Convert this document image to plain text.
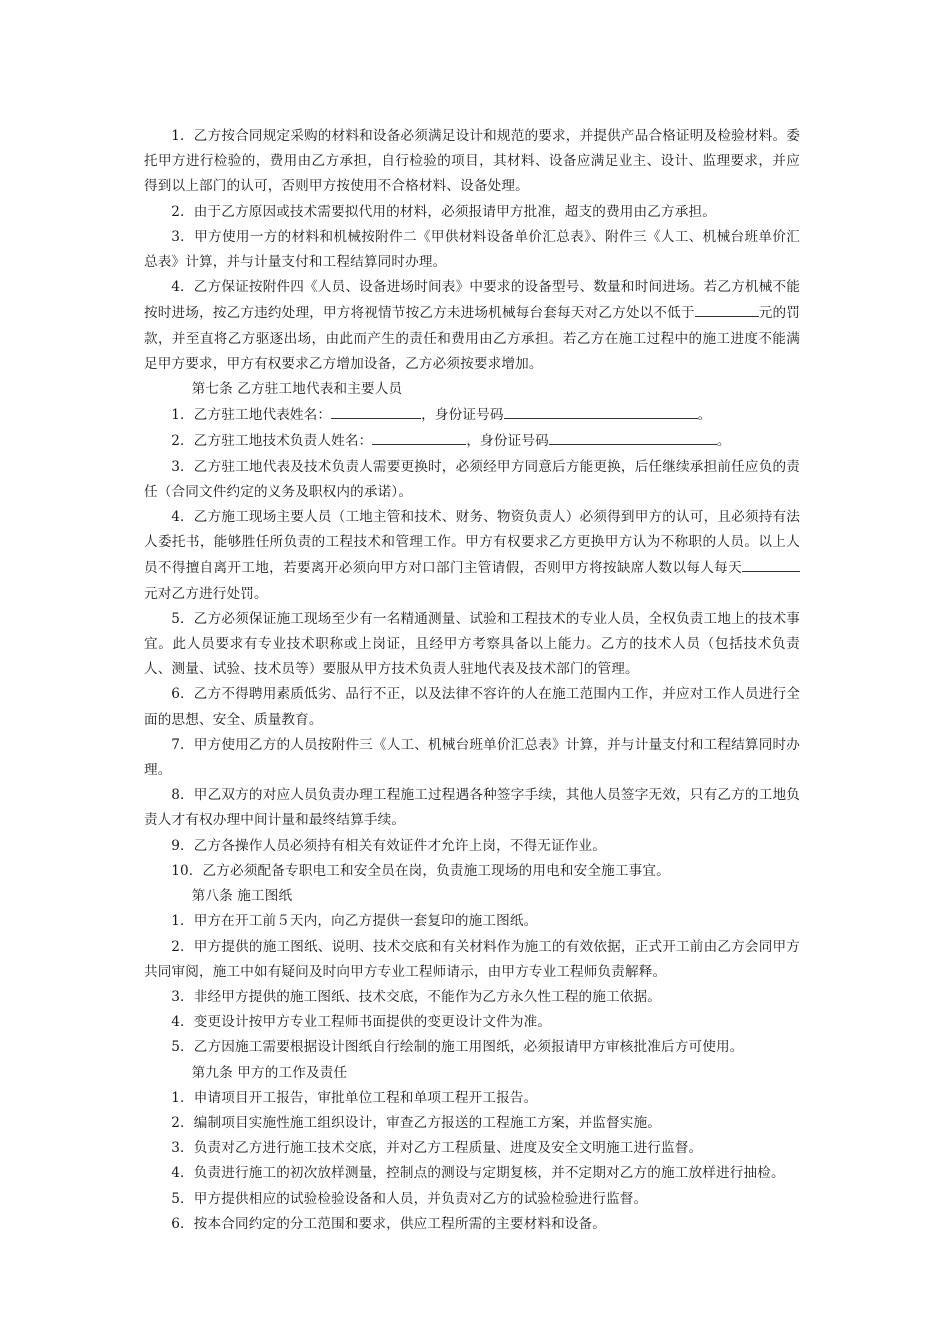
1．乙方按合同规定采购的材料和设备必须满足设计和规范的要求，并提供产品合格证明及检验材料。委托甲方进行检验的，费用由乙方承担，自行检验的项目，其材料、设备应满足业主、设计、监理要求，并应得到以上部门的认可，否则甲方按使用不合格材料、设备处理。

2．由于乙方原因或技术需要拟代用的材料，必须报请甲方批准，超支的费用由乙方承担。

3．甲方使用一方的材料和机械按附件二《甲供材料设备单价汇总表》、附件三《人工、机械台班单价汇总表》计算，并与计量支付和工程结算同时办理。

4．乙方保证按附件四《人员、设备进场时间表》中要求的设备型号、数量和时间进场。若乙方机械不能按时进场，按乙方违约处理，甲方将视情节按乙方未进场机械每台套每天对乙方处以不低于	元的罚款，并至直将乙方驱逐出场，由此而产生的责任和费用由乙方承担。若乙方在施工过程中的施工进度不能满足甲方要求，甲方有权要求乙方增加设备，乙方必须按要求增加。

第七条 乙方驻工地代表和主要人员

1．乙方驻工地代表姓名：	，身份证号码	。

2．乙方驻工地技术负责人姓名：	，身份证号码	。

3．乙方驻工地代表及技术负责人需要更换时，必须经甲方同意后方能更换，后任继续承担前任应负的责任（合同文件约定的义务及职权内的承诺）。

4．乙方施工现场主要人员（工地主管和技术、财务、物资负责人）必须得到甲方的认可，且必须持有法人委托书，能够胜任所负责的工程技术和管理工作。甲方有权要求乙方更换甲方认为不称职的人员。以上人员不得擅自离开工地，若要离开必须向甲方对口部门主管请假，否则甲方将按缺席人数以每人每天元对乙方进行处罚。

5．乙方必须保证施工现场至少有一名精通测量、试验和工程技术的专业人员，全权负责工地上的技术事宜。此人员要求有专业技术职称或上岗证，且经甲方考察具备以上能力。乙方的技术人员（包括技术负责人、测量、试验、技术员等）要服从甲方技术负责人驻地代表及技术部门的管理。

6．乙方不得聘用素质低劣、品行不正，以及法律不容许的人在施工范围内工作，并应对工作人员进行全面的思想、安全、质量教育。

7．甲方使用乙方的人员按附件三《人工、机械台班单价汇总表》计算，并与计量支付和工程结算同时办理。

8．甲乙双方的对应人员负责办理工程施工过程遇各种签字手续，其他人员签字无效，只有乙方的工地负责人才有权办理中间计量和最终结算手续。

9．乙方各操作人员必须持有相关有效证件才允许上岗，不得无证作业。

10．乙方必须配备专职电工和安全员在岗，负责施工现场的用电和安全施工事宜。

第八条 施工图纸

1．甲方在开工前５天内，向乙方提供一套复印的施工图纸。

2．甲方提供的施工图纸、说明、技术交底和有关材料作为施工的有效依据，正式开工前由乙方会同甲方共同审阅，施工中如有疑问及时向甲方专业工程师请示，由甲方专业工程师负责解释。

3．非经甲方提供的施工图纸、技术交底，不能作为乙方永久性工程的施工依据。

4．变更设计按甲方专业工程师书面提供的变更设计文件为准。

5．乙方因施工需要根据设计图纸自行绘制的施工用图纸，必须报请甲方审核批准后方可使用。

第九条 甲方的工作及责任

1．申请项目开工报告，审批单位工程和单项工程开工报告。

2．编制项目实施性施工组织设计，审查乙方报送的工程施工方案，并监督实施。

3．负责对乙方进行施工技术交底，并对乙方工程质量、进度及安全文明施工进行监督。

4．负责进行施工的初次放样测量，控制点的测设与定期复核，并不定期对乙方的施工放样进行抽检。

5．甲方提供相应的试验检验设备和人员，并负责对乙方的试验检验进行监督。

6．按本合同约定的分工范围和要求，供应工程所需的主要材料和设备。
